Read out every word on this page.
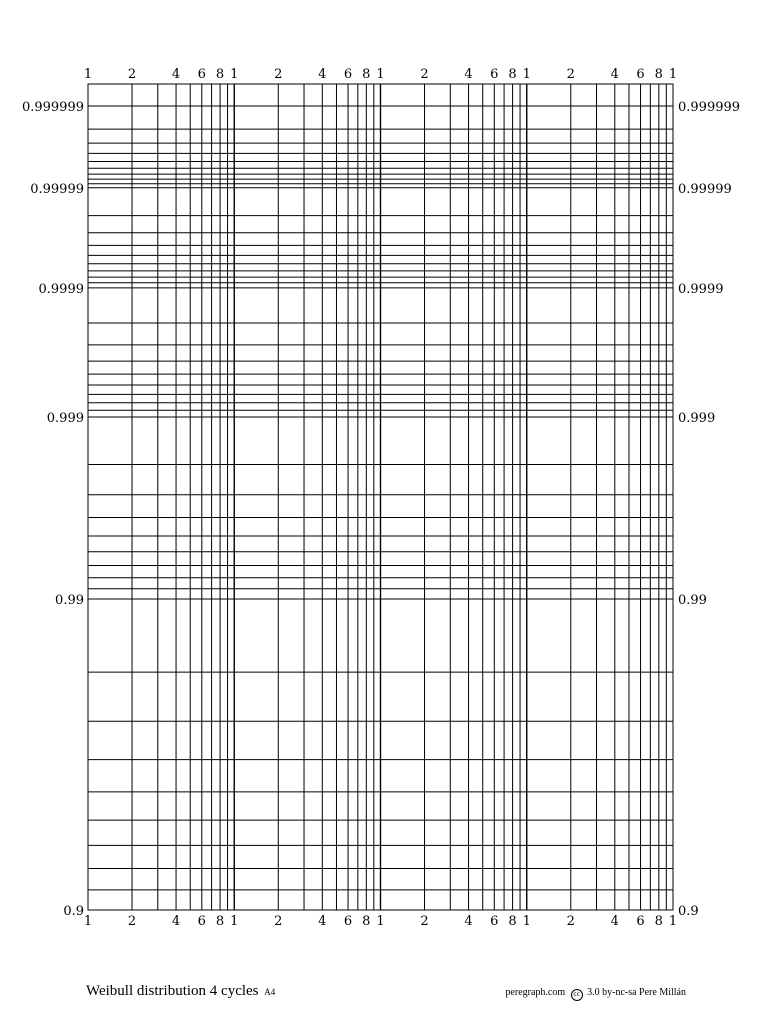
1
1
2
2
4
4
6
6
8
8
1
1
2
2
4
4
6
6
8
8
1
1
2
2
4
4
6
6
8
8
1
1
2
2
4
4
6
6
8
8
1
1
0.9	0.9
0.99	0.99
0.999	0.999
0.9999	0.9999
0.99999	0.99999
0.999999	0.999999
Weibull distribution 4 cycles A4	peregraph.com cc 3.0 by-nc-sa Pere Millán
